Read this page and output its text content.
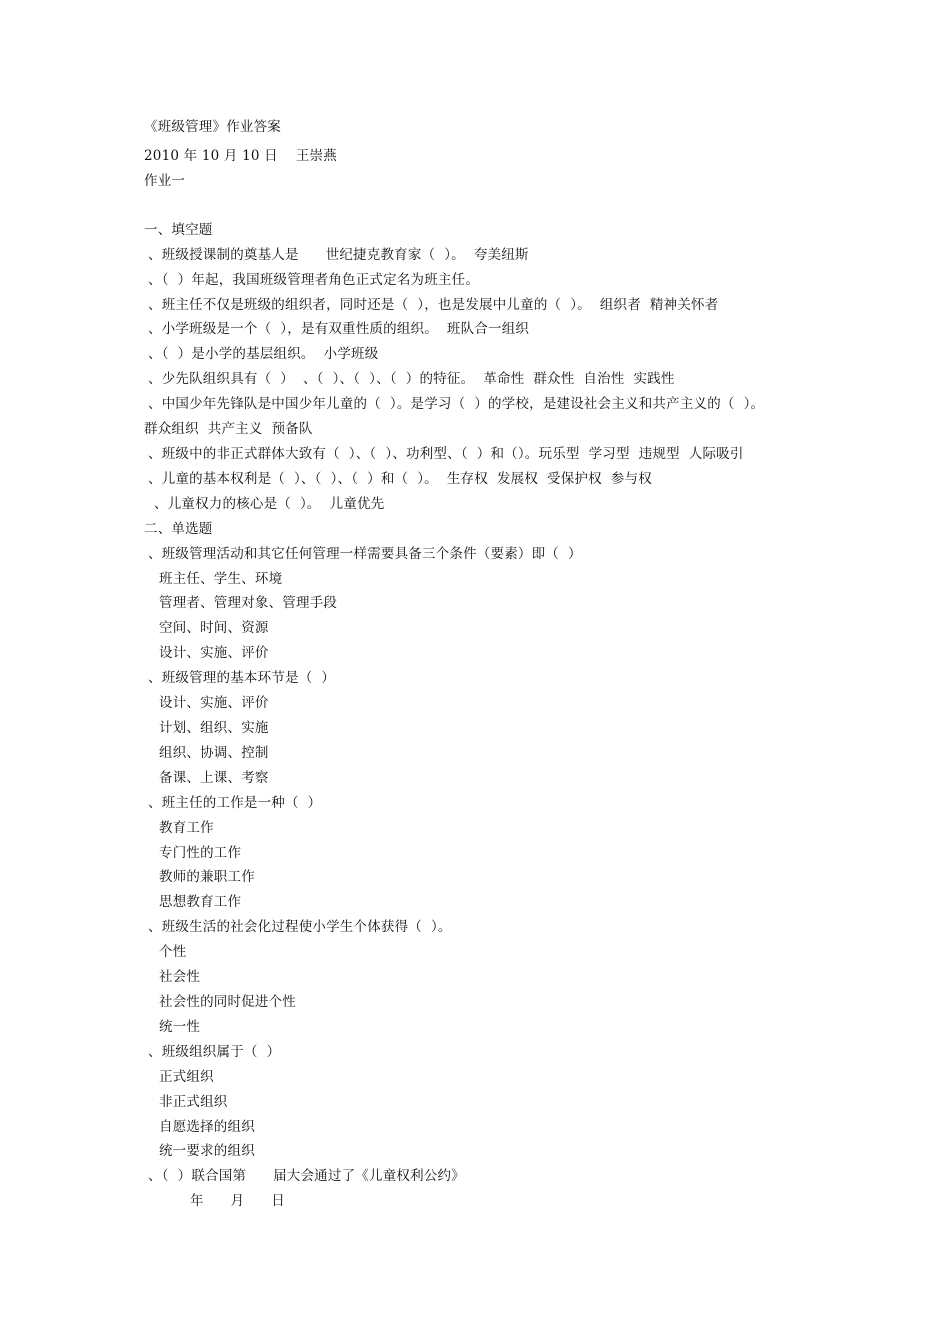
《班级管理》作业答案
2010 年 10 月 10 日    王崇燕
作业一
一、填空题
、班级授课制的奠基人是      世纪捷克教育家（  ）。  夸美纽斯
、（  ）年起，我国班级管理者角色正式定名为班主任。
、班主任不仅是班级的组织者，同时还是（  ），也是发展中儿童的（  ）。  组织者  精神关怀者
、小学班级是一个（  ），是有双重性质的组织。  班队合一组织
、（  ）是小学的基层组织。  小学班级
、少先队组织具有（  ）  、（  ）、（  ）、（  ）的特征。  革命性  群众性  自治性  实践性
、中国少年先锋队是中国少年儿童的（  ）。是学习（  ）的学校，是建设社会主义和共产主义的（  ）。
群众组织  共产主义  预备队
、班级中的非正式群体大致有（  ）、（  ）、功利型、（  ）和（）。玩乐型  学习型  违规型  人际吸引
、儿童的基本权利是（  ）、（  ）、（  ）和（  ）。  生存权  发展权  受保护权  参与权
、儿童权力的核心是（  ）。  儿童优先
二、单选题
、班级管理活动和其它任何管理一样需要具备三个条件（要素）即（  ）
班主任、学生、环境
管理者、管理对象、管理手段
空间、时间、资源
设计、实施、评价
、班级管理的基本环节是（  ）
设计、实施、评价
计划、组织、实施
组织、协调、控制
备课、上课、考察
、班主任的工作是一种（  ）
教育工作
专门性的工作
教师的兼职工作
思想教育工作
、班级生活的社会化过程使小学生个体获得（  ）。
个性
社会性
社会性的同时促进个性
统一性
、班级组织属于（  ）
正式组织
非正式组织
自愿选择的组织
统一要求的组织
、（  ）联合国第      届大会通过了《儿童权利公约》
年      月      日
